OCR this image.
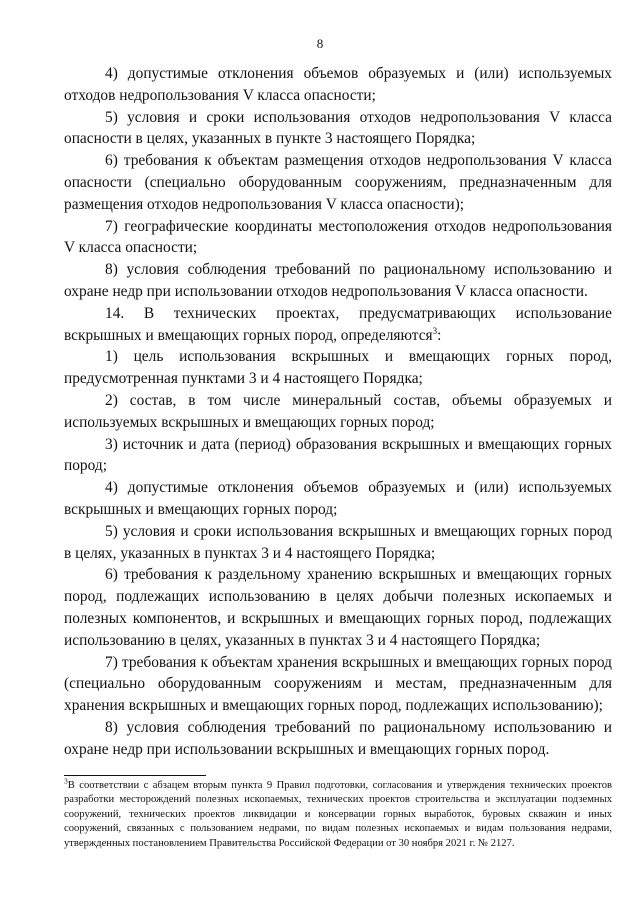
8

4) допустимые отклонения объемов образуемых и (или) используемых отходов недропользования V класса опасности;

5) условия и сроки использования отходов недропользования V класса опасности в целях, указанных в пункте 3 настоящего Порядка;

6) требования к объектам размещения отходов недропользования V класса опасности (специально оборудованным сооружениям, предназначенным для размещения отходов недропользования V класса опасности);

7) географические координаты местоположения отходов недропользования V класса опасности;

8) условия соблюдения требований по рациональному использованию и охране недр при использовании отходов недропользования V класса опасности.

14. В технических проектах, предусматривающих использование вскрышных и вмещающих горных пород, определяются$^3$:

1) цель использования вскрышных и вмещающих горных пород, предусмотренная пунктами 3 и 4 настоящего Порядка;

2) состав, в том числе минеральный состав, объемы образуемых и используемых вскрышных и вмещающих горных пород;

3) источник и дата (период) образования вскрышных и вмещающих горных пород;

4) допустимые отклонения объемов образуемых и (или) используемых вскрышных и вмещающих горных пород;

5) условия и сроки использования вскрышных и вмещающих горных пород в целях, указанных в пунктах 3 и 4 настоящего Порядка;

6) требования к раздельному хранению вскрышных и вмещающих горных пород, подлежащих использованию в целях добычи полезных ископаемых и полезных компонентов, и вскрышных и вмещающих горных пород, подлежащих использованию в целях, указанных в пунктах 3 и 4 настоящего Порядка;

7) требования к объектам хранения вскрышных и вмещающих горных пород (специально оборудованным сооружениям и местам, предназначенным для хранения вскрышных и вмещающих горных пород, подлежащих использованию);

8) условия соблюдения требований по рациональному использованию и охране недр при использовании вскрышных и вмещающих горных пород.

$^3$В соответствии с абзацем вторым пункта 9 Правил подготовки, согласования и утверждения технических проектов разработки месторождений полезных ископаемых, технических проектов строительства и эксплуатации подземных сооружений, технических проектов ликвидации и консервации горных выработок, буровых скважин и иных сооружений, связанных с пользованием недрами, по видам полезных ископаемых и видам пользования недрами, утвержденных постановлением Правительства Российской Федерации от 30 ноября 2021 г. № 2127.
